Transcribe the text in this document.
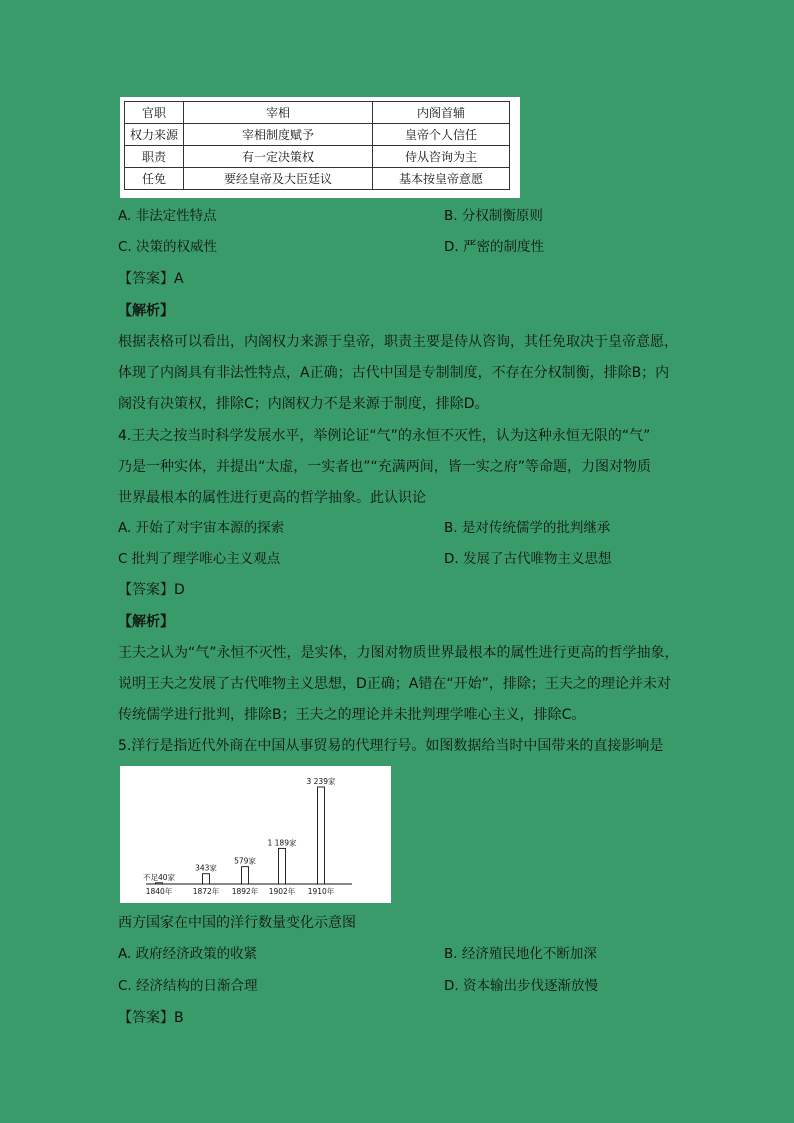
官职	宰相	内阁首辅
权力来源	宰相制度赋予	皇帝个人信任
职责	有一定决策权	侍从咨询为主
任免	要经皇帝及大臣廷议	基本按皇帝意愿
A. 非法定性特点	B. 分权制衡原则
C. 决策的权威性	D. 严密的制度性
【答案】A
【解析】
根据表格可以看出，内阁权力来源于皇帝，职责主要是侍从咨询，其任免取决于皇帝意愿，
体现了内阁具有非法性特点，A正确；古代中国是专制制度，不存在分权制衡，排除B；内
阁没有决策权，排除C；内阁权力不是来源于制度，排除D。
4.王夫之按当时科学发展水平，举例论证“气”的永恒不灭性，认为这种永恒无限的“气”
乃是一种实体，并提出“太虚，一实者也”“充满两间，皆一实之府”等命题，力图对物质
世界最根本的属性进行更高的哲学抽象。此认识论
A. 开始了对宇宙本源的探索	B. 是对传统儒学的批判继承
C 批判了理学唯心主义观点	D. 发展了古代唯物主义思想
【答案】D
【解析】
王夫之认为“气”永恒不灭性，是实体，力图对物质世界最根本的属性进行更高的哲学抽象，
说明王夫之发展了古代唯物主义思想，D正确；A错在“开始”，排除；王夫之的理论并未对
传统儒学进行批判，排除B；王夫之的理论并未批判理学唯心主义，排除C。
5.洋行是指近代外商在中国从事贸易的代理行号。如图数据给当时中国带来的直接影响是
不足40家
1840年
343家
1872年
579家
1892年
1 189家
1902年
3 239家
1910年
西方国家在中国的洋行数量变化示意图
A. 政府经济政策的收紧	B. 经济殖民地化不断加深
C. 经济结构的日渐合理	D. 资本输出步伐逐渐放慢
【答案】B
